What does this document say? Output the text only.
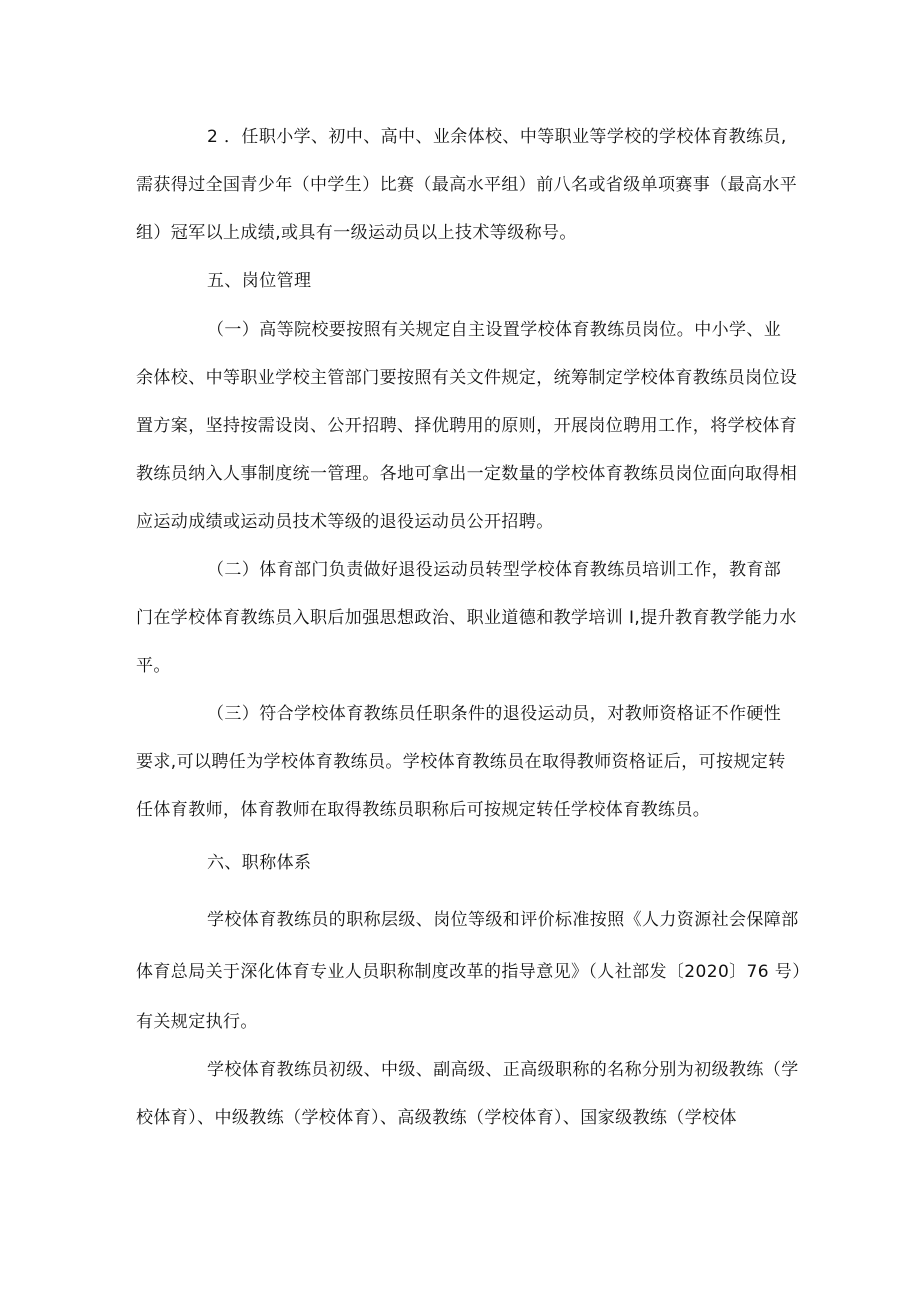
2 ．任职小学、初中、高中、业余体校、中等职业等学校的学校体育教练员,

需获得过全国青少年（中学生）比赛（最高水平组）前八名或省级单项赛事（最高水平

组）冠军以上成绩,或具有一级运动员以上技术等级称号。

五、岗位管理

（一）高等院校要按照有关规定自主设置学校体育教练员岗位。中小学、业

余体校、中等职业学校主管部门要按照有关文件规定，统筹制定学校体育教练员岗位设

置方案，坚持按需设岗、公开招聘、择优聘用的原则，开展岗位聘用工作，将学校体育

教练员纳入人事制度统一管理。各地可拿出一定数量的学校体育教练员岗位面向取得相

应运动成绩或运动员技术等级的退役运动员公开招聘。

（二）体育部门负责做好退役运动员转型学校体育教练员培训工作，教育部

门在学校体育教练员入职后加强思想政治、职业道德和教学培训 I,提升教育教学能力水

平。

（三）符合学校体育教练员任职条件的退役运动员，对教师资格证不作硬性

要求,可以聘任为学校体育教练员。学校体育教练员在取得教师资格证后，可按规定转

任体育教师，体育教师在取得教练员职称后可按规定转任学校体育教练员。

六、职称体系

学校体育教练员的职称层级、岗位等级和评价标准按照《人力资源社会保障部

体育总局关于深化体育专业人员职称制度改革的指导意见》（人社部发〔2020〕76 号）

有关规定执行。

学校体育教练员初级、中级、副高级、正高级职称的名称分别为初级教练（学

校体育）、中级教练（学校体育）、高级教练（学校体育）、国家级教练（学校体
